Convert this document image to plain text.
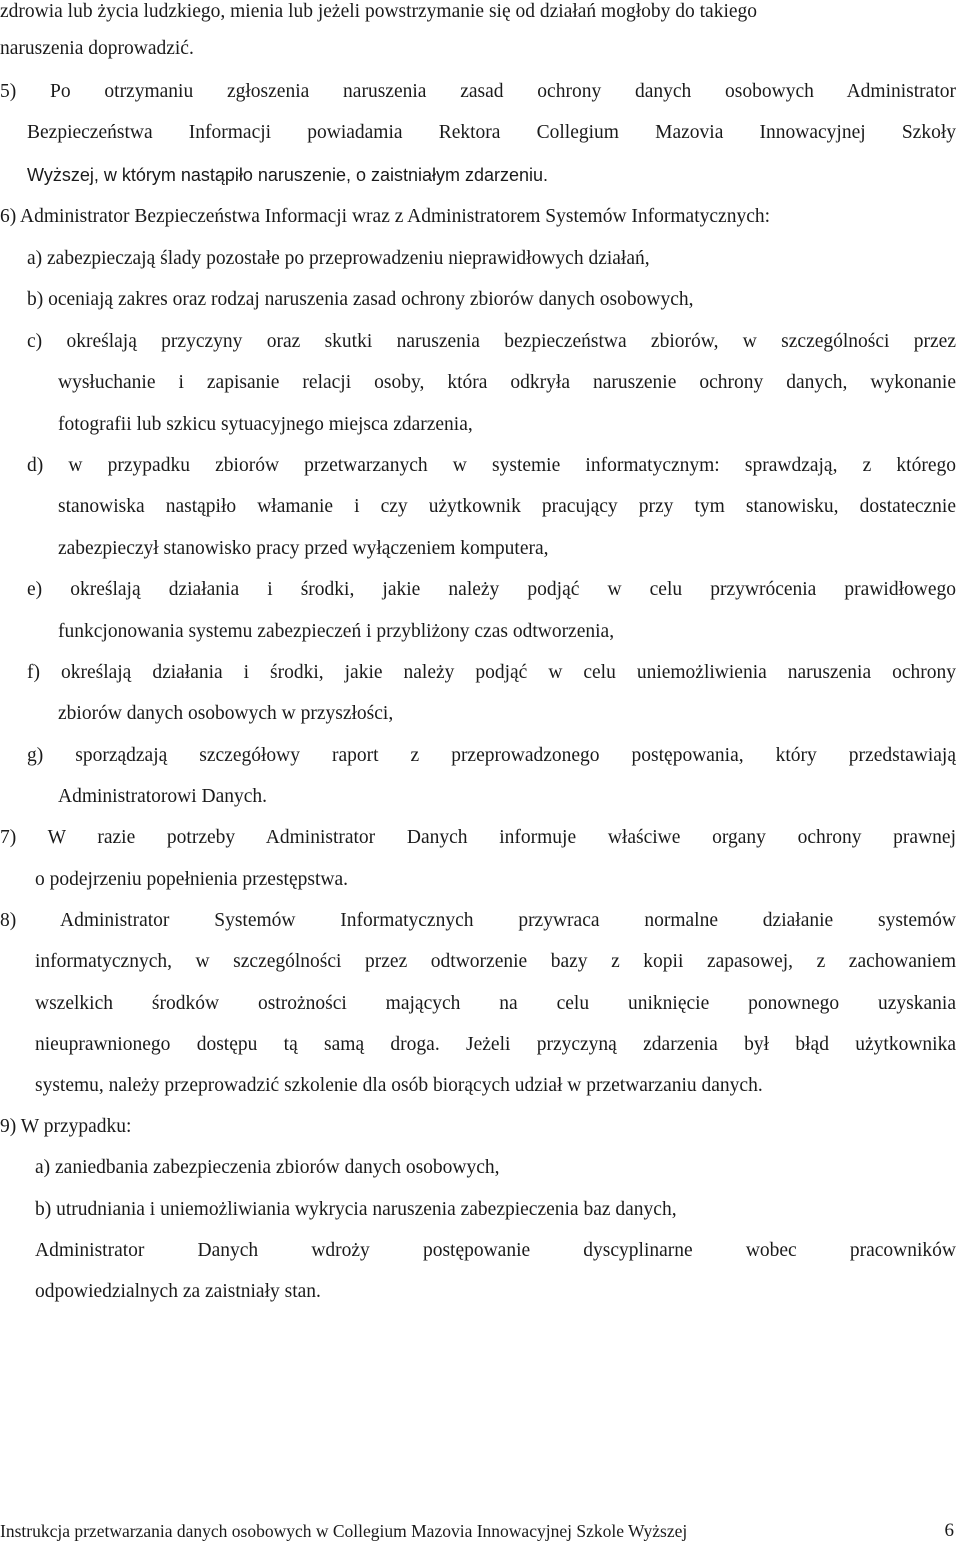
zdrowia lub życia ludzkiego, mienia lub jeżeli powstrzymanie się od działań mogłoby do takiego
naruszenia doprowadzić.
5) Po otrzymaniu zgłoszenia naruszenia zasad ochrony danych osobowych Administrator
Bezpieczeństwa Informacji powiadamia Rektora Collegium Mazovia Innowacyjnej Szkoły
Wyższej, w którym nastąpiło naruszenie, o zaistniałym zdarzeniu.
6) Administrator Bezpieczeństwa Informacji wraz z Administratorem Systemów Informatycznych:
a) zabezpieczają ślady pozostałe po przeprowadzeniu nieprawidłowych działań,
b) oceniają zakres oraz rodzaj naruszenia zasad ochrony zbiorów danych osobowych,
c) określają przyczyny oraz skutki naruszenia bezpieczeństwa zbiorów, w szczególności przez
wysłuchanie i zapisanie relacji osoby, która odkryła naruszenie ochrony danych, wykonanie
fotografii lub szkicu sytuacyjnego miejsca zdarzenia,
d) w przypadku zbiorów przetwarzanych w systemie informatycznym: sprawdzają, z którego
stanowiska nastąpiło włamanie i czy użytkownik pracujący przy tym stanowisku, dostatecznie
zabezpieczył stanowisko pracy przed wyłączeniem komputera,
e) określają działania i środki, jakie należy podjąć w celu przywrócenia prawidłowego
funkcjonowania systemu zabezpieczeń i przybliżony czas odtworzenia,
f) określają działania i środki, jakie należy podjąć w celu uniemożliwienia naruszenia ochrony
zbiorów danych osobowych w przyszłości,
g) sporządzają szczegółowy raport z przeprowadzonego postępowania, który przedstawiają
Administratorowi Danych.
7) W razie potrzeby Administrator Danych informuje właściwe organy ochrony prawnej
o podejrzeniu popełnienia przestępstwa.
8) Administrator Systemów Informatycznych przywraca normalne działanie systemów
informatycznych, w szczególności przez odtworzenie bazy z kopii zapasowej, z zachowaniem
wszelkich środków ostrożności mających na celu uniknięcie ponownego uzyskania
nieuprawnionego dostępu tą samą droga. Jeżeli przyczyną zdarzenia był błąd użytkownika
systemu, należy przeprowadzić szkolenie dla osób biorących udział w przetwarzaniu danych.
9) W przypadku:
a) zaniedbania zabezpieczenia zbiorów danych osobowych,
b) utrudniania i uniemożliwiania wykrycia naruszenia zabezpieczenia baz danych,
Administrator Danych wdroży postępowanie dyscyplinarne wobec pracowników
odpowiedzialnych za zaistniały stan.
Instrukcja przetwarzania danych osobowych w Collegium Mazovia Innowacyjnej Szkole Wyższej	6
